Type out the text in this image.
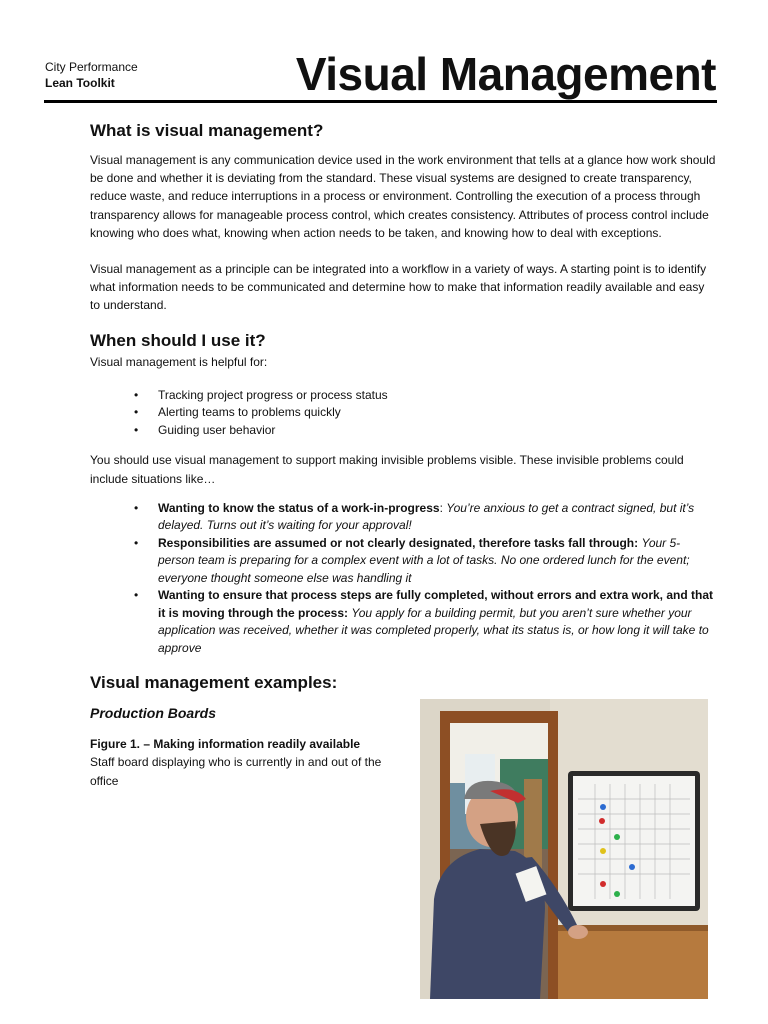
City Performance
Lean Toolkit	Visual Management
What is visual management?

Visual management is any communication device used in the work environment that tells at a glance how work should be done and whether it is deviating from the standard. These visual systems are designed to create transparency, reduce waste, and reduce interruptions in a process or environment. Controlling the execution of a process through transparency allows for manageable process control, which creates consistency. Attributes of process control include knowing who does what, knowing when action needs to be taken, and knowing how to deal with exceptions.

Visual management as a principle can be integrated into a workflow in a variety of ways. A starting point is to identify what information needs to be communicated and determine how to make that information readily available and easy to understand.

When should I use it?

Visual management is helpful for:

• Tracking project progress or process status
• Alerting teams to problems quickly
• Guiding user behavior

You should use visual management to support making invisible problems visible. These invisible problems could include situations like…

• Wanting to know the status of a work-in-progress: You’re anxious to get a contract signed, but it’s delayed. Turns out it’s waiting for your approval!
• Responsibilities are assumed or not clearly designated, therefore tasks fall through: Your 5-person team is preparing for a complex event with a lot of tasks. No one ordered lunch for the event; everyone thought someone else was handling it
• Wanting to ensure that process steps are fully completed, without errors and extra work, and that it is moving through the process: You apply for a building permit, but you aren’t sure whether your application was received, whether it was completed properly, what its status is, or how long it will take to approve
Visual management examples:
Production Boards

Figure 1. – Making information readily available

Staff board displaying who is currently in and out of the office
